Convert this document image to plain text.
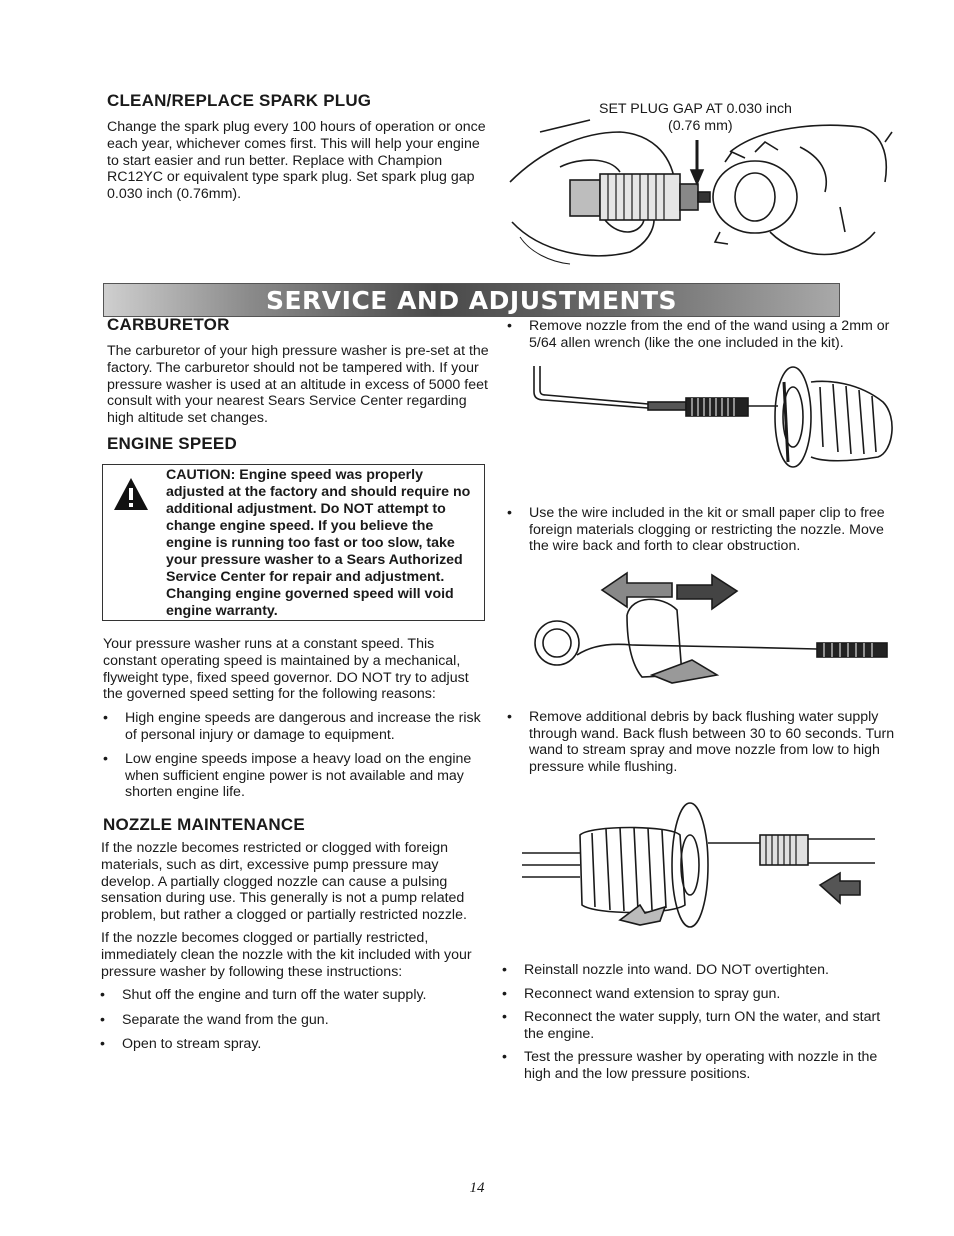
CLEAN/REPLACE SPARK PLUG

Change the spark plug every 100 hours of operation or once each year, whichever comes first. This will help your engine to start easier and run better. Replace with Champion RC12YC or equivalent type spark plug. Set spark plug gap 0.030 inch (0.76mm).

SET PLUG GAP AT 0.030 inch
(0.76 mm)
SERVICE AND ADJUSTMENTS
CARBURETOR

The carburetor of your high pressure washer is pre-set at the factory. The carburetor should not be tampered with. If your pressure washer is used at an altitude in excess of 5000 feet consult with your nearest Sears Service Center regarding high altitude set changes.

ENGINE SPEED
CAUTION: Engine speed was properly adjusted at the factory and should require no additional adjustment. Do NOT attempt to change engine speed. If you believe the engine is running too fast or too slow, take your pressure washer to a Sears Authorized Service Center for repair and adjustment. Changing engine governed speed will void engine warranty.

Your pressure washer runs at a constant speed. This constant operating speed is maintained by a mechanical, flyweight type, fixed speed governor. DO NOT try to adjust the governed speed setting for the following reasons:

• High engine speeds are dangerous and increase the risk of personal injury or damage to equipment.
• Low engine speeds impose a heavy load on the engine when sufficient engine power is not available and may shorten engine life.
NOZZLE MAINTENANCE

If the nozzle becomes restricted or clogged with foreign materials, such as dirt, excessive pump pressure may develop. A partially clogged nozzle can cause a pulsing sensation during use. This generally is not a pump related problem, but rather a clogged or partially restricted nozzle.

If the nozzle becomes clogged or partially restricted, immediately clean the nozzle with the kit included with your pressure washer by following these instructions:

• Shut off the engine and turn off the water supply.
• Separate the wand from the gun.
• Open to stream spray.
• Remove nozzle from the end of the wand using a 2mm or 5/64 allen wrench (like the one included in the kit).
• Use the wire included in the kit or small paper clip to free foreign materials clogging or restricting the nozzle. Move the wire back and forth to clear obstruction.
• Remove additional debris by back flushing water supply through wand. Back flush between 30 to 60 seconds. Turn wand to stream spray and move nozzle from low to high pressure while flushing.
• Reinstall nozzle into wand. DO NOT overtighten.
• Reconnect wand extension to spray gun.
• Reconnect the water supply, turn ON the water, and start the engine.
• Test the pressure washer by operating with nozzle in the high and the low pressure positions.
14
